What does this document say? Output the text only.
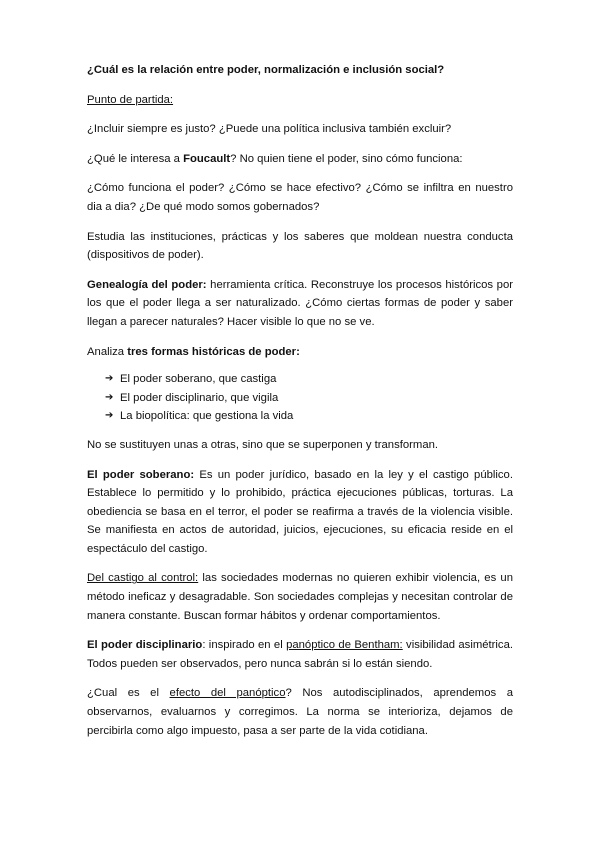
¿Cuál es la relación entre poder, normalización e inclusión social?

Punto de partida:

¿Incluir siempre es justo? ¿Puede una política inclusiva también excluir?

¿Qué le interesa a Foucault? No quien tiene el poder, sino cómo funciona:

¿Cómo funciona el poder? ¿Cómo se hace efectivo? ¿Cómo se infiltra en nuestro dia a dia? ¿De qué modo somos gobernados?

Estudia las instituciones, prácticas y los saberes que moldean nuestra conducta (dispositivos de poder).

Genealogía del poder: herramienta crítica. Reconstruye los procesos históricos por los que el poder llega a ser naturalizado. ¿Cómo ciertas formas de poder y saber llegan a parecer naturales? Hacer visible lo que no se ve.

Analiza tres formas históricas de poder:

➔ El poder soberano, que castiga
➔ El poder disciplinario, que vigila
➔ La biopolítica: que gestiona la vida

No se sustituyen unas a otras, sino que se superponen y transforman.

El poder soberano: Es un poder jurídico, basado en la ley y el castigo público. Establece lo permitido y lo prohibido, práctica ejecuciones públicas, torturas. La obediencia se basa en el terror, el poder se reafirma a través de la violencia visible. Se manifiesta en actos de autoridad, juicios, ejecuciones, su eficacia reside en el espectáculo del castigo.

Del castigo al control: las sociedades modernas no quieren exhibir violencia, es un método ineficaz y desagradable. Son sociedades complejas y necesitan controlar de manera constante. Buscan formar hábitos y ordenar comportamientos.

El poder disciplinario: inspirado en el panóptico de Bentham: visibilidad asimétrica. Todos pueden ser observados, pero nunca sabrán si lo están siendo.

¿Cual es el efecto del panóptico? Nos autodisciplinados, aprendemos a observarnos, evaluarnos y corregimos. La norma se interioriza, dejamos de percibirla como algo impuesto, pasa a ser parte de la vida cotidiana.
